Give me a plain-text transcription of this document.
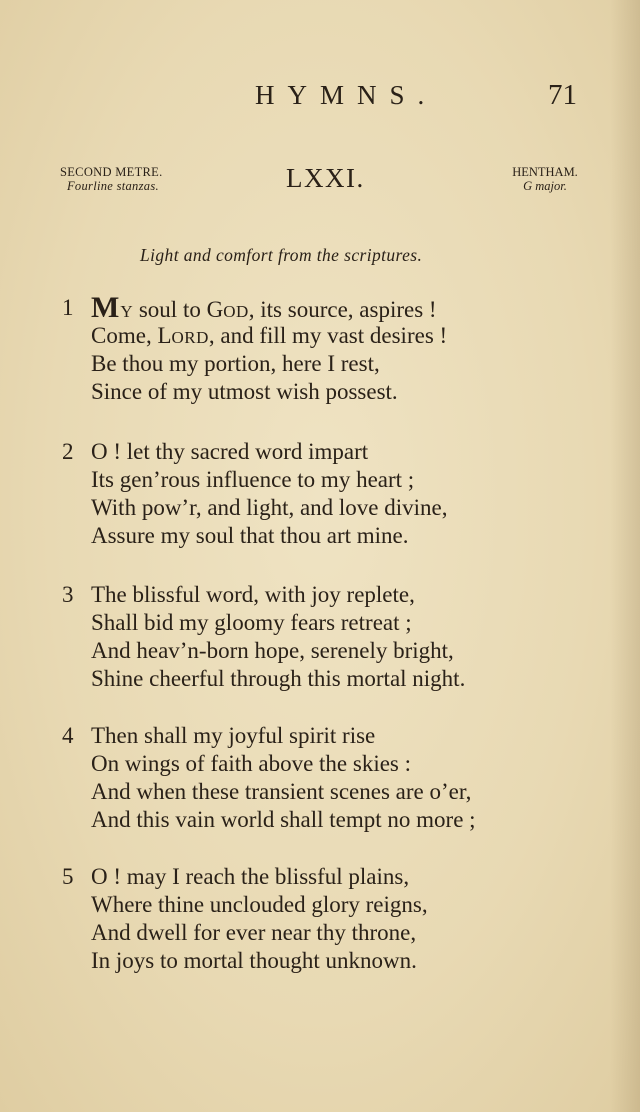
HYMNS.	71
SECOND METRE.
Fourline stanzas.	LXXI.	HENTHAM.
G major.
Light and comfort from the scriptures.
1 MY soul to GOD, its source, aspires !
Come, LORD, and fill my vast desires !
Be thou my portion, here I rest,
Since of my utmost wish possest.
2 O ! let thy sacred word impart
Its gen’rous influence to my heart ;
With pow’r, and light, and love divine,
Assure my soul that thou art mine.
3 The blissful word, with joy replete,
Shall bid my gloomy fears retreat ;
And heav’n-born hope, serenely bright,
Shine cheerful through this mortal night.
4 Then shall my joyful spirit rise
On wings of faith above the skies :
And when these transient scenes are o’er,
And this vain world shall tempt no more ;
5 O ! may I reach the blissful plains,
Where thine unclouded glory reigns,
And dwell for ever near thy throne,
In joys to mortal thought unknown.
